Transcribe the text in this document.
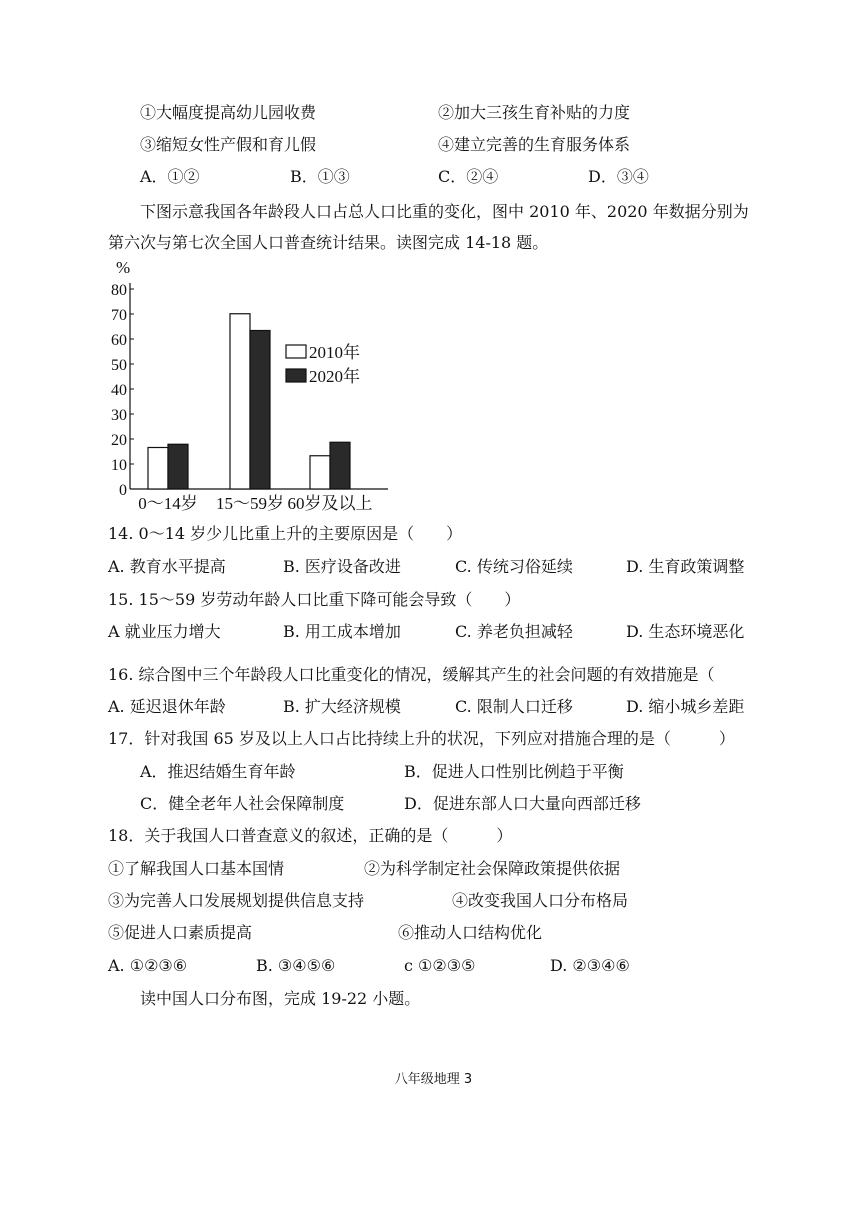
①大幅度提高幼儿园收费	②加大三孩生育补贴的力度
③缩短女性产假和育儿假	④建立完善的生育服务体系
A．①②	B．①③	C．②④	D．③④
下图示意我国各年龄段人口占总人口比重的变化，图中 2010 年、2020 年数据分别为
第六次与第七次全国人口普查统计结果。读图完成 14-18 题。
0
10
20
30
40
50
60
70
80
%
0～14岁 15～59岁 60岁及以上
2010年
2020年
14. 0～14 岁少儿比重上升的主要原因是（　　）
A. 教育水平提高	B. 医疗设备改进	C. 传统习俗延续	D. 生育政策调整
15. 15～59 岁劳动年龄人口比重下降可能会导致（　　）
A 就业压力增大	B. 用工成本增加	C. 养老负担减轻	D. 生态环境恶化
16. 综合图中三个年龄段人口比重变化的情况，缓解其产生的社会问题的有效措施是（
A. 延迟退休年龄	B. 扩大经济规模	C. 限制人口迁移	D. 缩小城乡差距
17．针对我国 65 岁及以上人口占比持续上升的状况，下列应对措施合理的是（　　　）
A．推迟结婚生育年龄	B．促进人口性别比例趋于平衡
C．健全老年人社会保障制度	D．促进东部人口大量向西部迁移
18．关于我国人口普查意义的叙述，正确的是（　　　）
①了解我国人口基本国情	②为科学制定社会保障政策提供依据
③为完善人口发展规划提供信息支持	④改变我国人口分布格局
⑤促进人口素质提高	⑥推动人口结构优化
A. ①②③⑥	B. ③④⑤⑥	c ①②③⑤	D. ②③④⑥
读中国人口分布图，完成 19-22 小题。
八年级地理 3
